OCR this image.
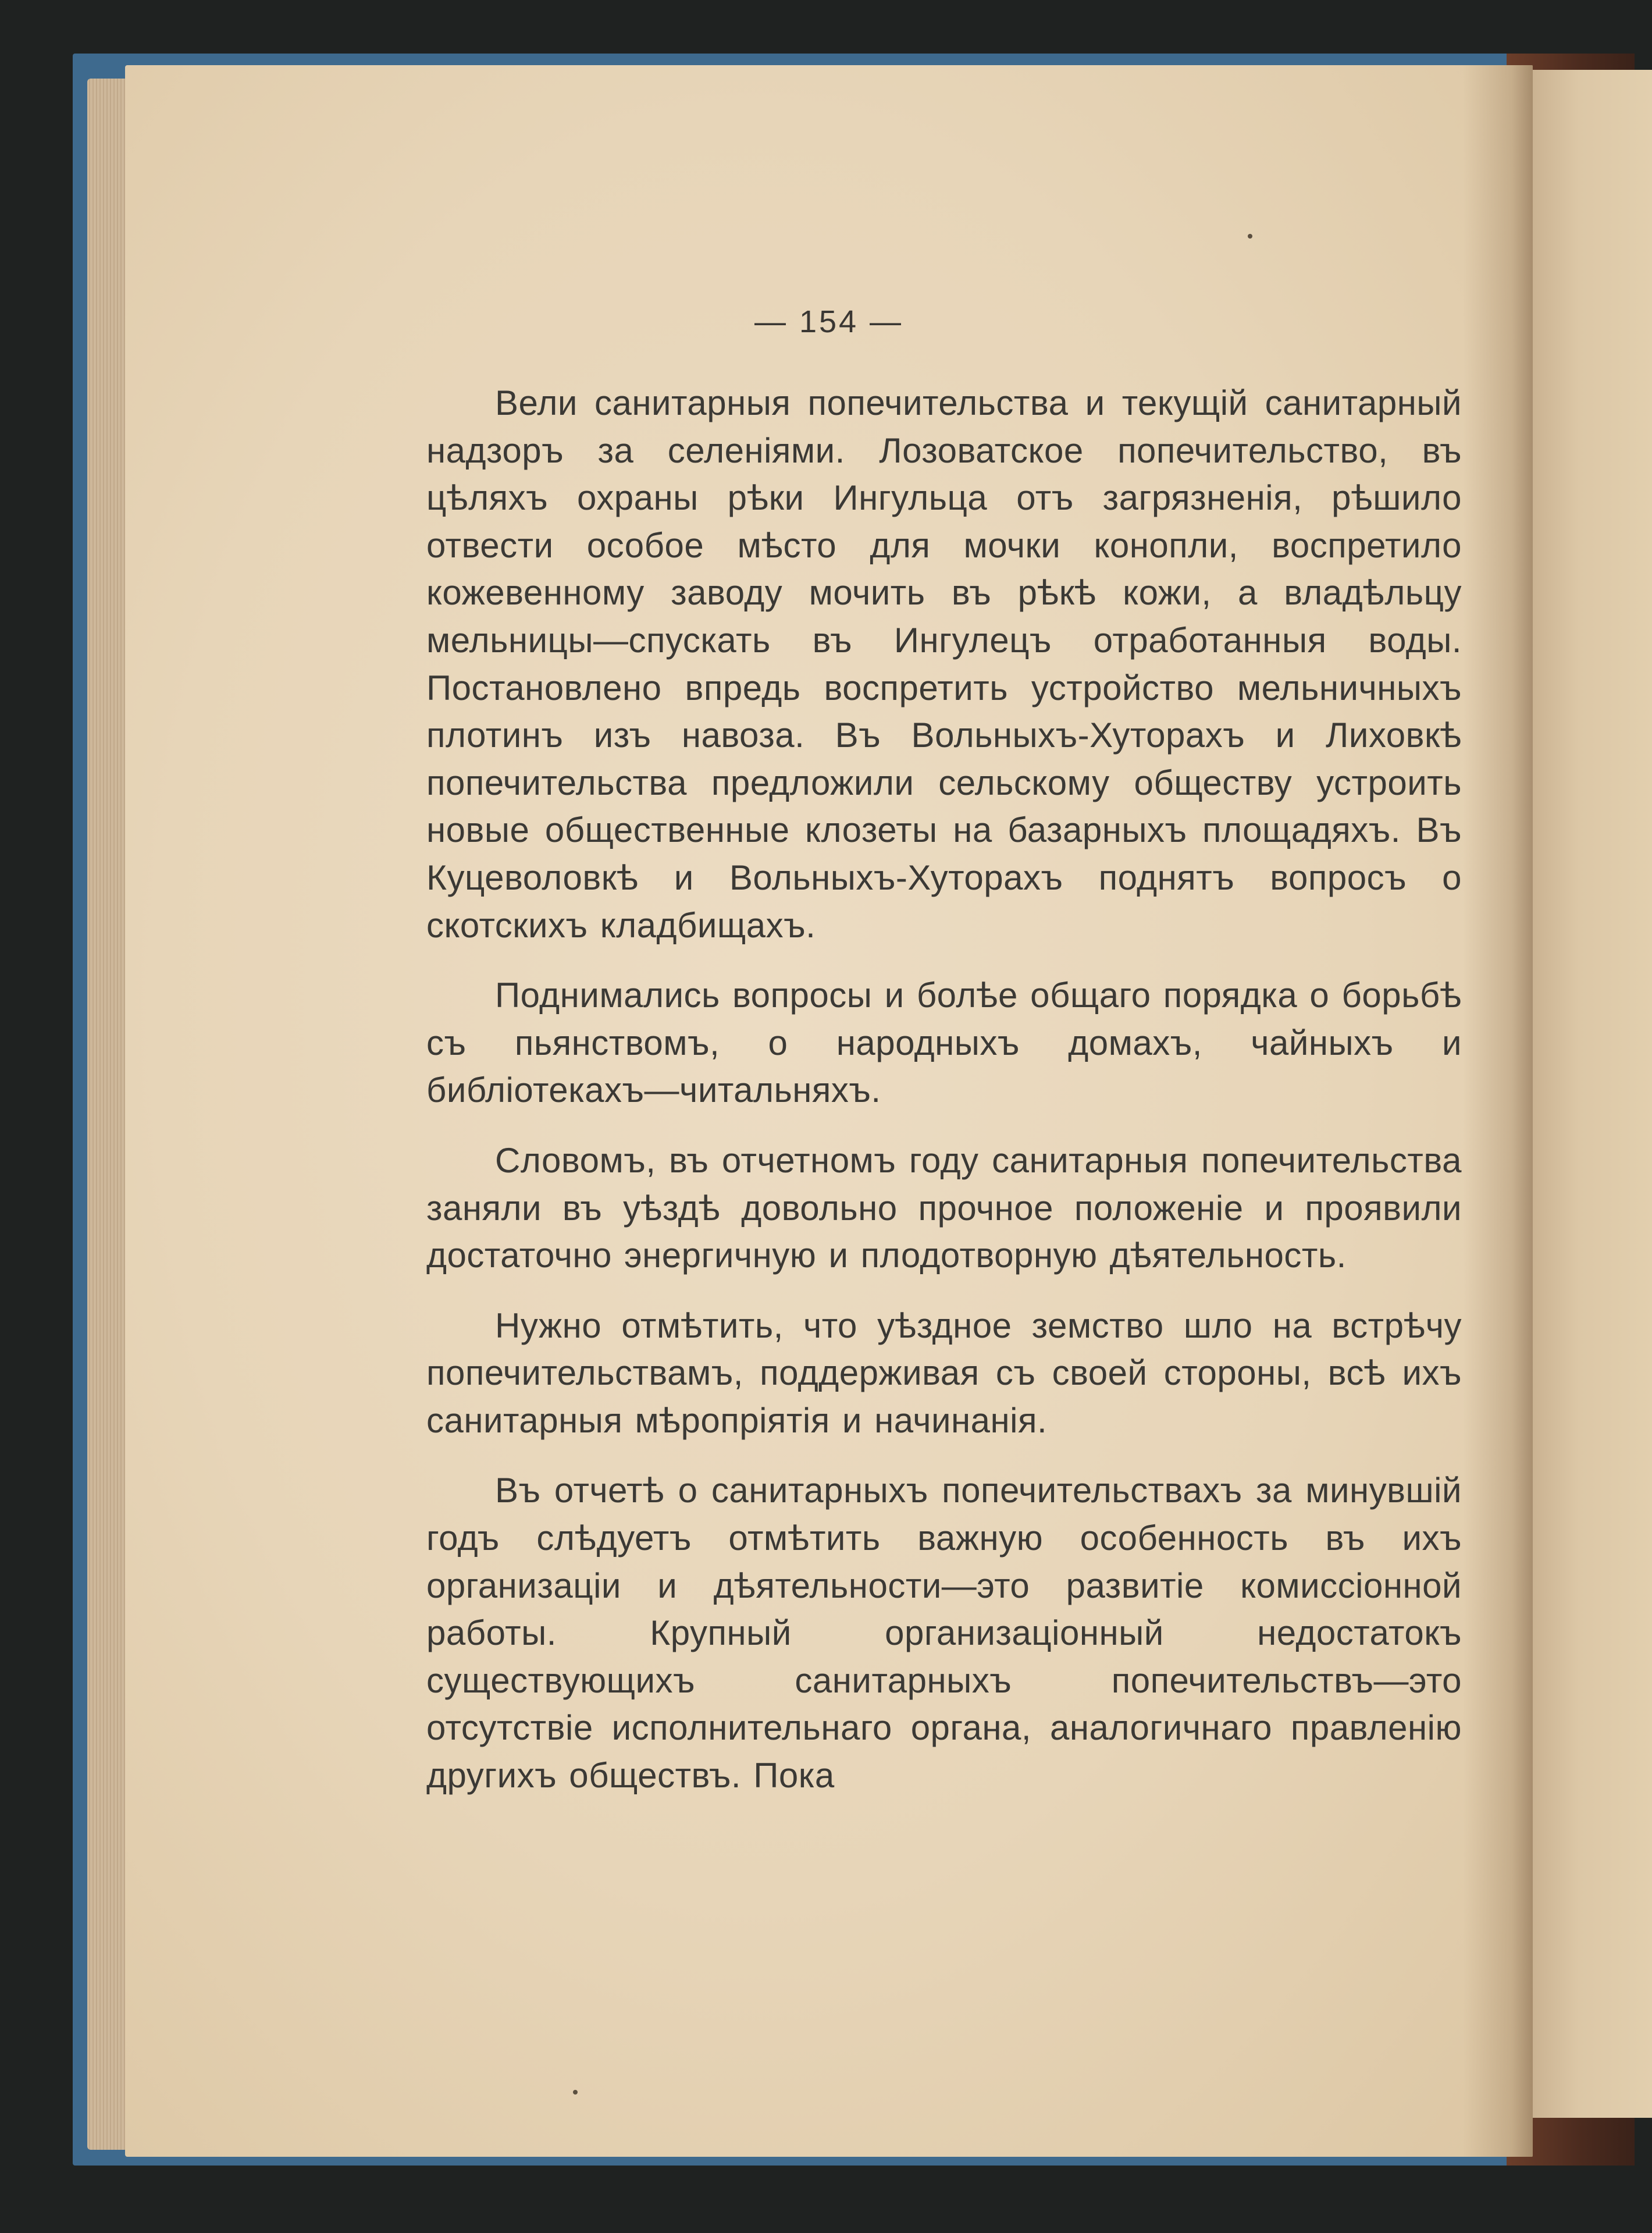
— 154 —

Вели санитарныя попечительства и текущій санитарный надзоръ за селеніями. Лозоватское попечительство, въ цѣляхъ охраны рѣки Ингульца отъ загрязненія, рѣшило отвести особое мѣсто для мочки конопли, воспретило кожевенному заводу мочить въ рѣкѣ кожи, а владѣльцу мельницы—спускать въ Ингулецъ отработанныя воды. Постановлено впредь воспретить устройство мельничныхъ плотинъ изъ навоза. Въ Вольныхъ-Хуторахъ и Лиховкѣ попечительства предложили сельскому обществу устроить новые общественные клозеты на базарныхъ площадяхъ. Въ Куцеволовкѣ и Вольныхъ-Хуторахъ поднятъ вопросъ о скотскихъ кладбищахъ.

Поднимались вопросы и болѣе общаго порядка о борьбѣ съ пьянствомъ, о народныхъ домахъ, чайныхъ и библіотекахъ—читальняхъ.

Словомъ, въ отчетномъ году санитарныя попечительства заняли въ уѣздѣ довольно прочное положеніе и проявили достаточно энергичную и плодотворную дѣятельность.

Нужно отмѣтить, что уѣздное земство шло на встрѣчу попечительствамъ, поддерживая съ своей стороны, всѣ ихъ санитарныя мѣропріятія и начинанія.

Въ отчетѣ о санитарныхъ попечительствахъ за минувшій годъ слѣдуетъ отмѣтить важную особенность въ ихъ организаціи и дѣятельности—это развитіе комиссіонной работы. Крупный организаціонный недостатокъ существующихъ санитарныхъ попечительствъ—это отсутствіе исполнительнаго органа, аналогичнаго правленію другихъ обществъ. Пока
